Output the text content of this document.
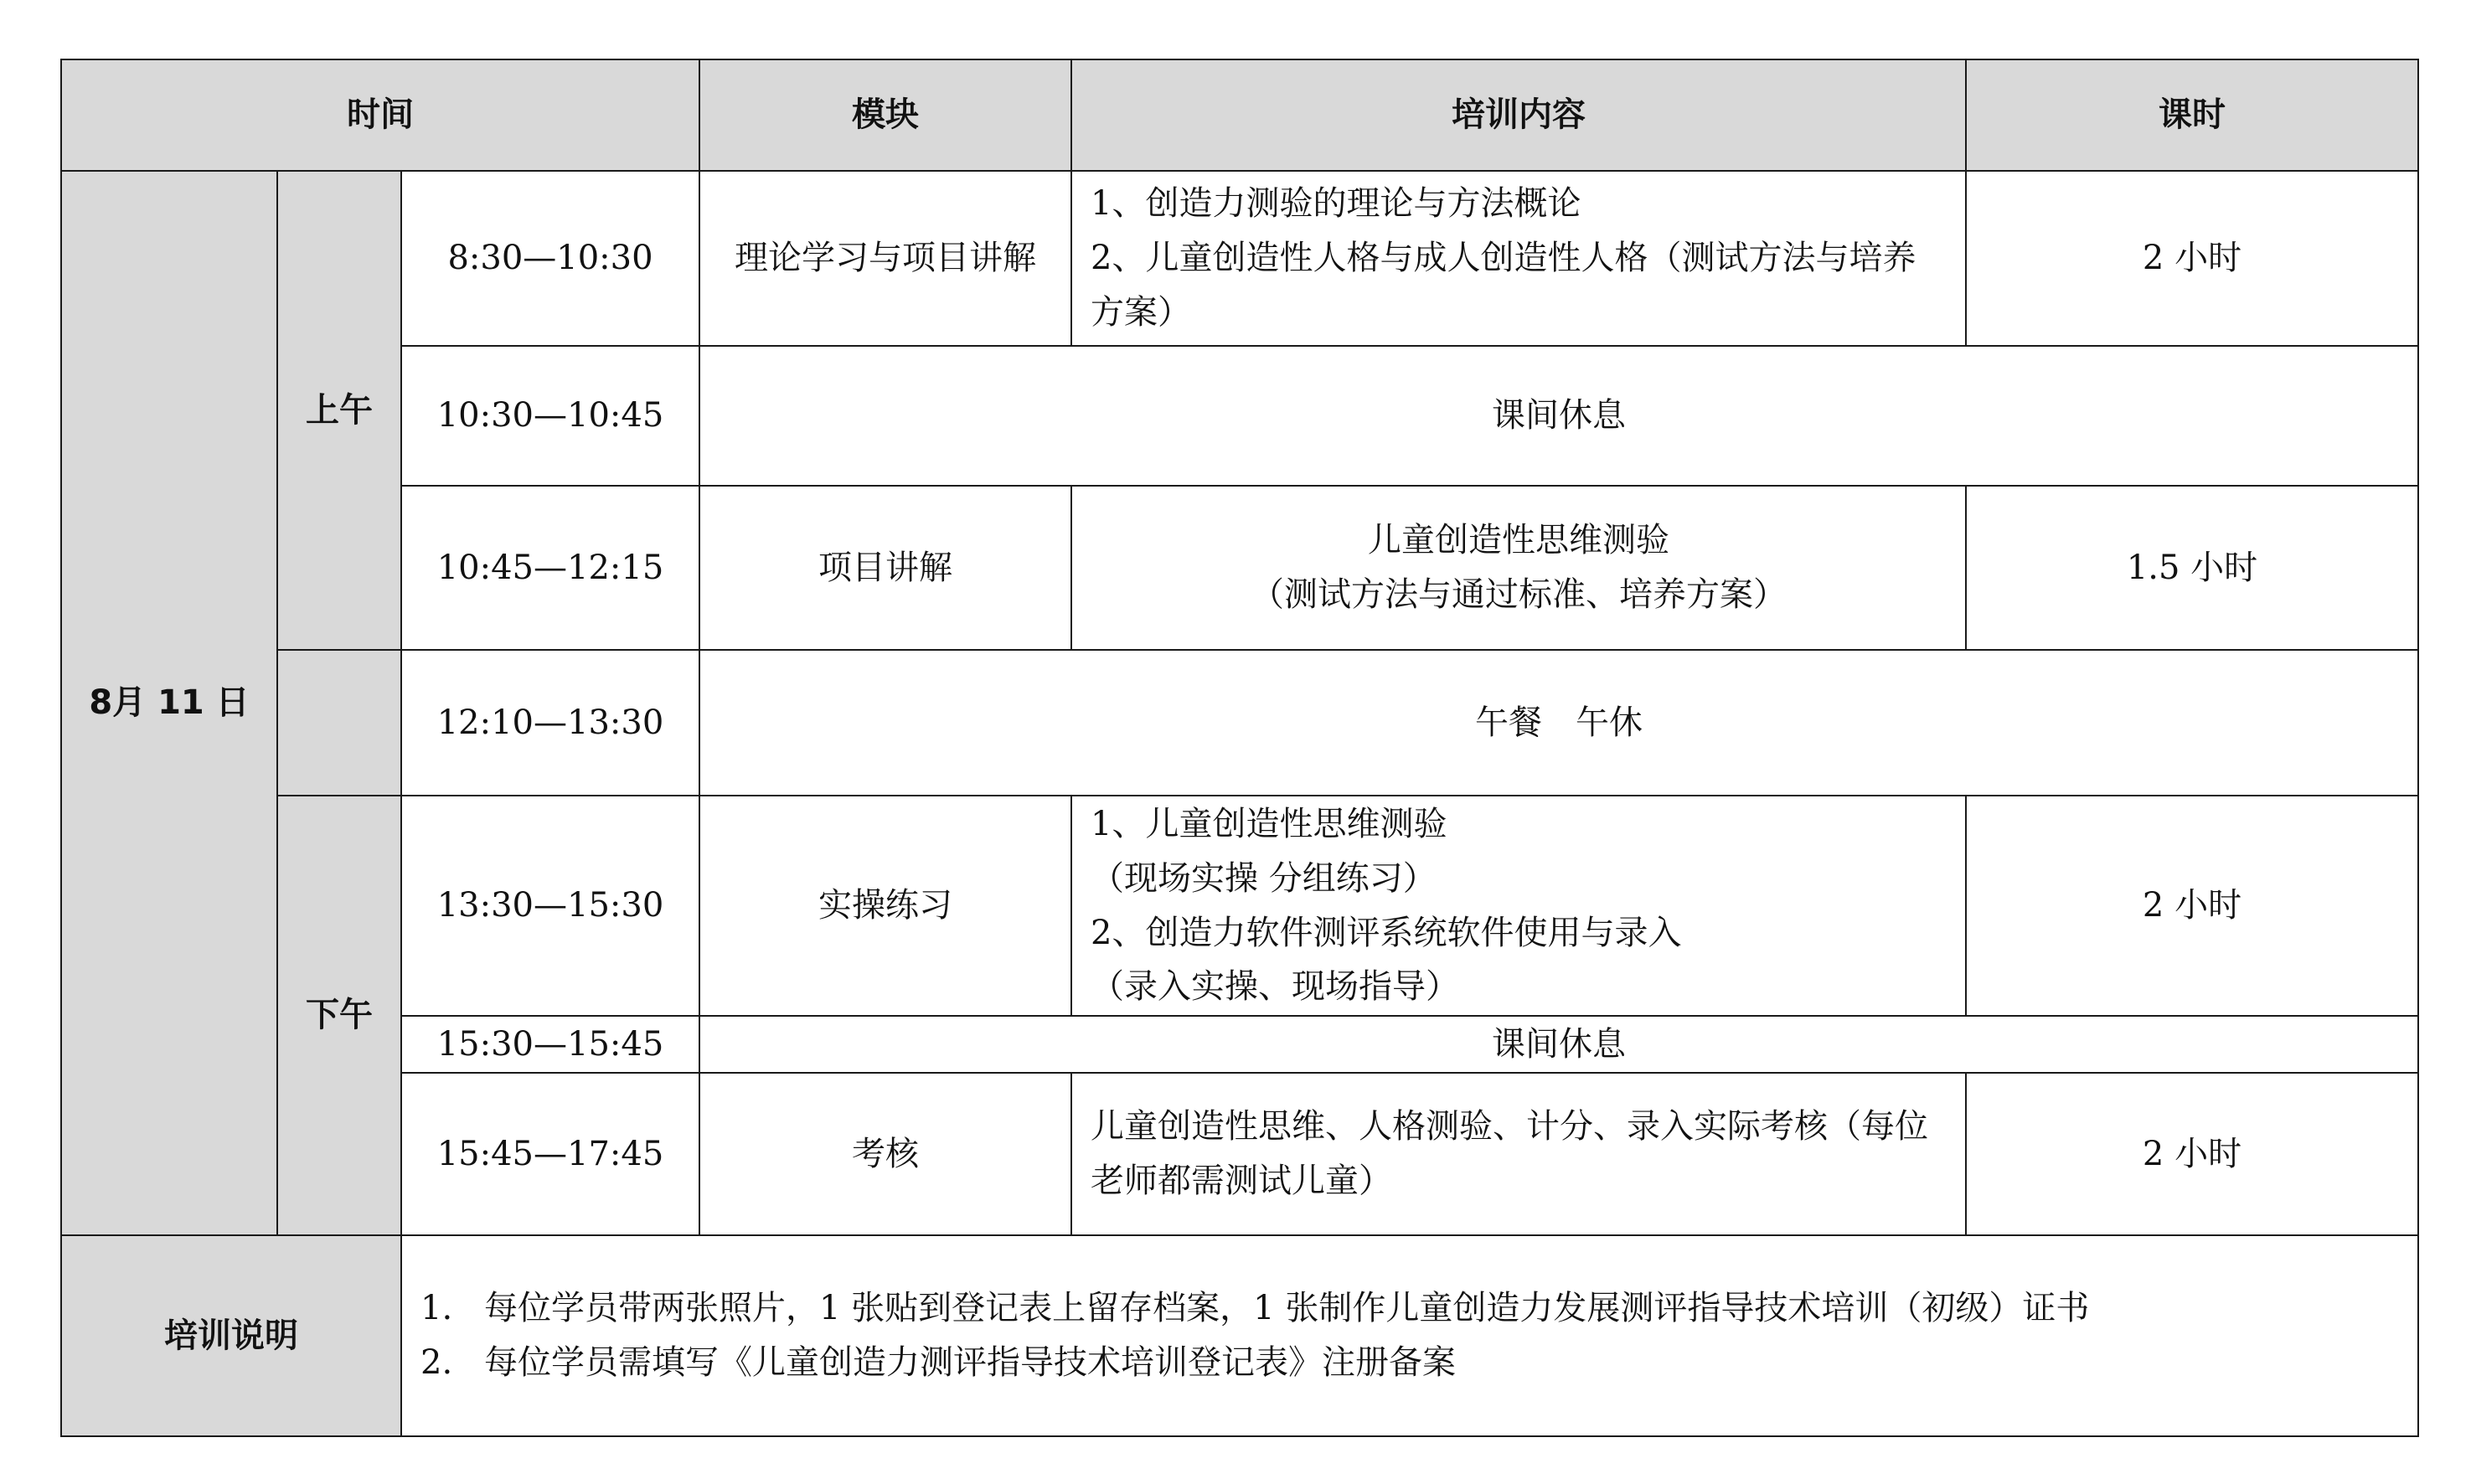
时间			模块	培训内容	课时
8月 11 日	上午	8:30—10:30	理论学习与项目讲解	1、创造力测验的理论与方法概论
2、儿童创造性人格与成人创造性人格（测试方法与培养方案）	2 小时
		10:30—10:45	课间休息		
		10:45—12:15	项目讲解	儿童创造性思维测验
（测试方法与通过标准、培养方案）	1.5 小时
		12:10—13:30	午餐　午休		
	下午	13:30—15:30	实操练习	1、儿童创造性思维测验
（现场实操 分组练习）
2、创造力软件测评系统软件使用与录入
（录入实操、现场指导）	2 小时
		15:30—15:45	课间休息		
		15:45—17:45	考核	儿童创造性思维、人格测验、计分、录入实际考核（每位老师都需测试儿童）	2 小时
培训说明		1. 每位学员带两张照片，1 张贴到登记表上留存档案，1 张制作儿童创造力发展测评指导技术培训（初级）证书
2. 每位学员需填写《儿童创造力测评指导技术培训登记表》注册备案			
